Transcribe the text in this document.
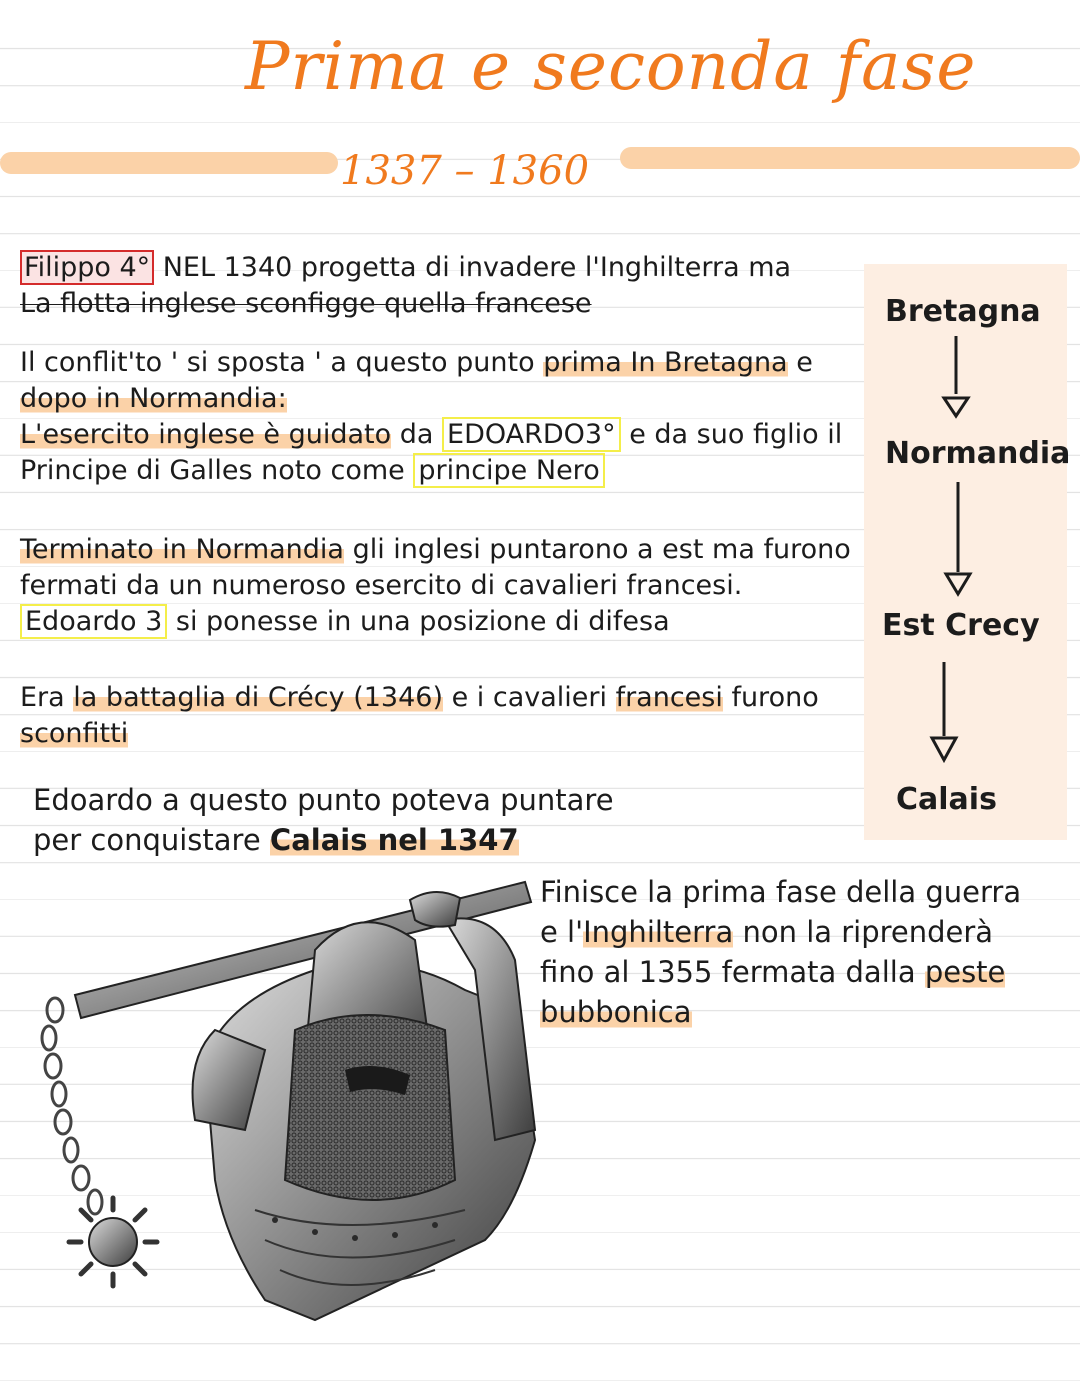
Prima e seconda fase
1337 – 1360
Filippo 4° NEL 1340 progetta di invadere l'Inghilterra ma
La flotta inglese sconfigge quella francese
Il conflit'to ' si sposta ' a questo punto prima In Bretagna e
dopo in Normandia:
L'esercito inglese è guidato da EDOARDO3° e da suo figlio il
Principe di Galles noto come principe Nero
Terminato in Normandia gli inglesi puntarono a est ma furono
fermati da un numeroso esercito di cavalieri francesi.
Edoardo 3 si ponesse in una posizione di difesa
Era la battaglia di Crécy (1346) e i cavalieri francesi furono
sconfitti
Edoardo a questo punto poteva puntare
per conquistare Calais nel 1347
Finisce la prima fase della guerra
e l'Inghilterra non la riprenderà
fino al 1355 fermata dalla peste
bubbonica
Bretagna
Normandia
Est Crecy
Calais
